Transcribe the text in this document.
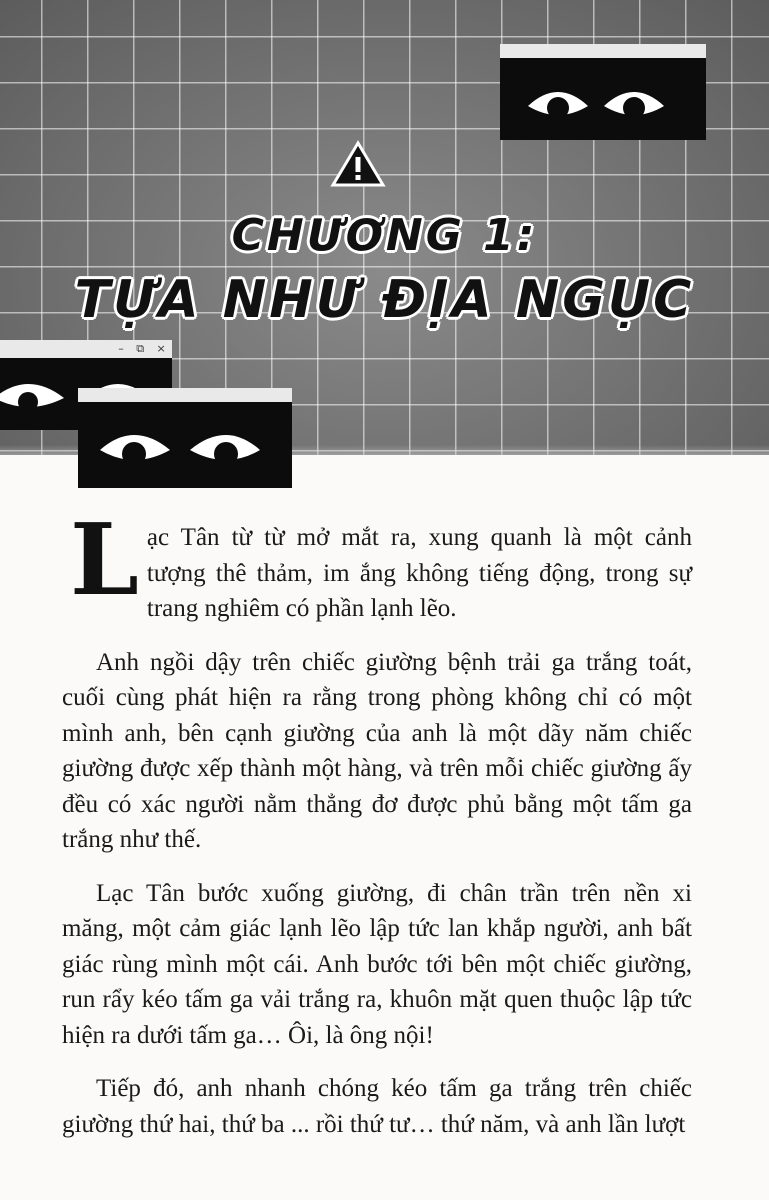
CHƯƠNG 1:
TỰA NHƯ ĐỊA NGỤC
– ⧉ ×

Lạc Tân từ từ mở mắt ra, xung quanh là một cảnh tượng thê thảm, im ắng không tiếng động, trong sự trang nghiêm có phần lạnh lẽo.

Anh ngồi dậy trên chiếc giường bệnh trải ga trắng toát, cuối cùng phát hiện ra rằng trong phòng không chỉ có một mình anh, bên cạnh giường của anh là một dãy năm chiếc giường được xếp thành một hàng, và trên mỗi chiếc giường ấy đều có xác người nằm thẳng đơ được phủ bằng một tấm ga trắng như thế.

Lạc Tân bước xuống giường, đi chân trần trên nền xi măng, một cảm giác lạnh lẽo lập tức lan khắp người, anh bất giác rùng mình một cái. Anh bước tới bên một chiếc giường, run rẩy kéo tấm ga vải trắng ra, khuôn mặt quen thuộc lập tức hiện ra dưới tấm ga… Ôi, là ông nội!

Tiếp đó, anh nhanh chóng kéo tấm ga trắng trên chiếc giường thứ hai, thứ ba ... rồi thứ tư… thứ năm, và anh lần lượt
